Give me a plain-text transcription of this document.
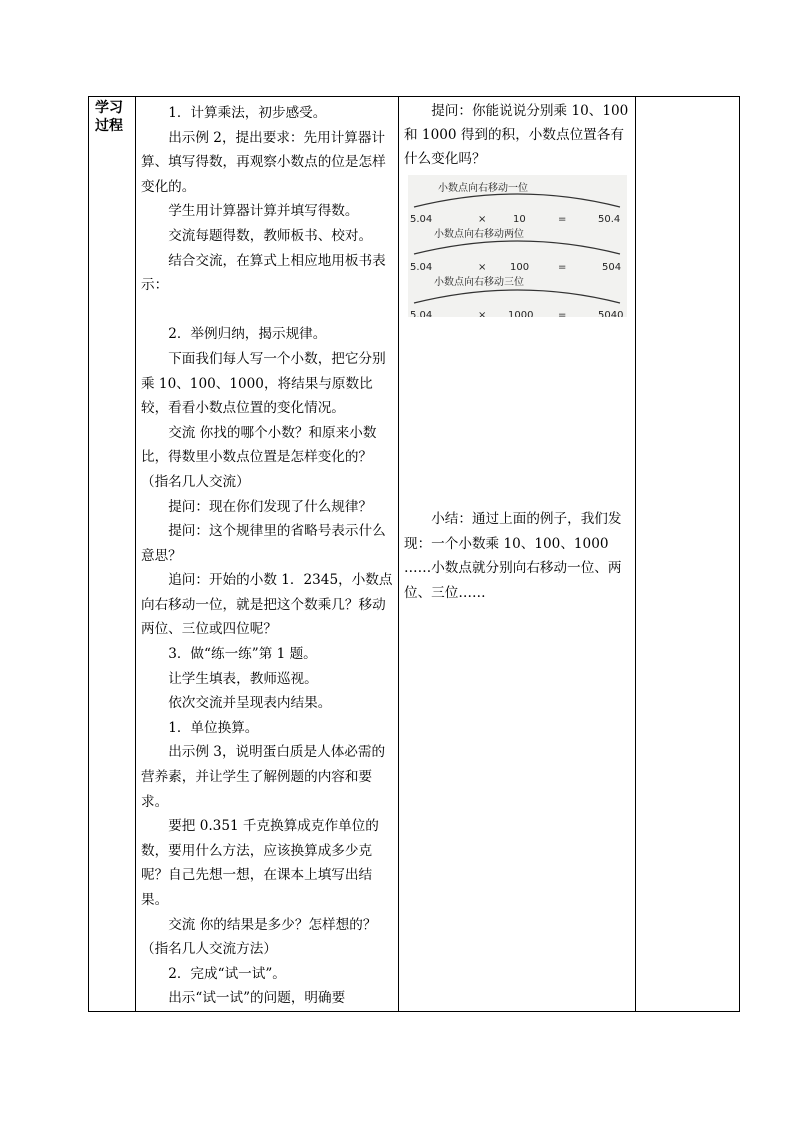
学习
过程

1．计算乘法，初步感受。

出示例 2，提出要求：先用计算器计算、填写得数，再观察小数点的位是怎样变化的。

学生用计算器计算并填写得数。

交流每题得数，教师板书、校对。

结合交流，在算式上相应地用板书表示：

2．举例归纳，揭示规律。

下面我们每人写一个小数，把它分别乘 10、100、1000，将结果与原数比较，看看小数点位置的变化情况。

交流 你找的哪个小数？和原来小数比，得数里小数点位置是怎样变化的？（指名几人交流）

提问：现在你们发现了什么规律？

提问：这个规律里的省略号表示什么意思？

追问：开始的小数 1．2345，小数点向右移动一位，就是把这个数乘几？移动两位、三位或四位呢？

3．做“练一练”第 1 题。

让学生填表，教师巡视。

依次交流并呈现表内结果。

1．单位换算。

出示例 3，说明蛋白质是人体必需的营养素，并让学生了解例题的内容和要求。

要把 0.351 千克换算成克作单位的数，要用什么方法，应该换算成多少克呢？自己先想一想，在课本上填写出结果。

交流 你的结果是多少？怎样想的？（指名几人交流方法）

2．完成“试一试”。

出示“试一试”的问题，明确要

提问：你能说说分别乘 10、100 和 1000 得到的积，小数点位置各有什么变化吗？

小数点向右移动一位
5.04	×	10	=	50.4
小数点向右移动两位
5.04	× 100	=	504
小数点向右移动三位
5.04	× 1000 =	5040

小结：通过上面的例子，我们发现：一个小数乘 10、100、1000 ……小数点就分别向右移动一位、两位、三位……
